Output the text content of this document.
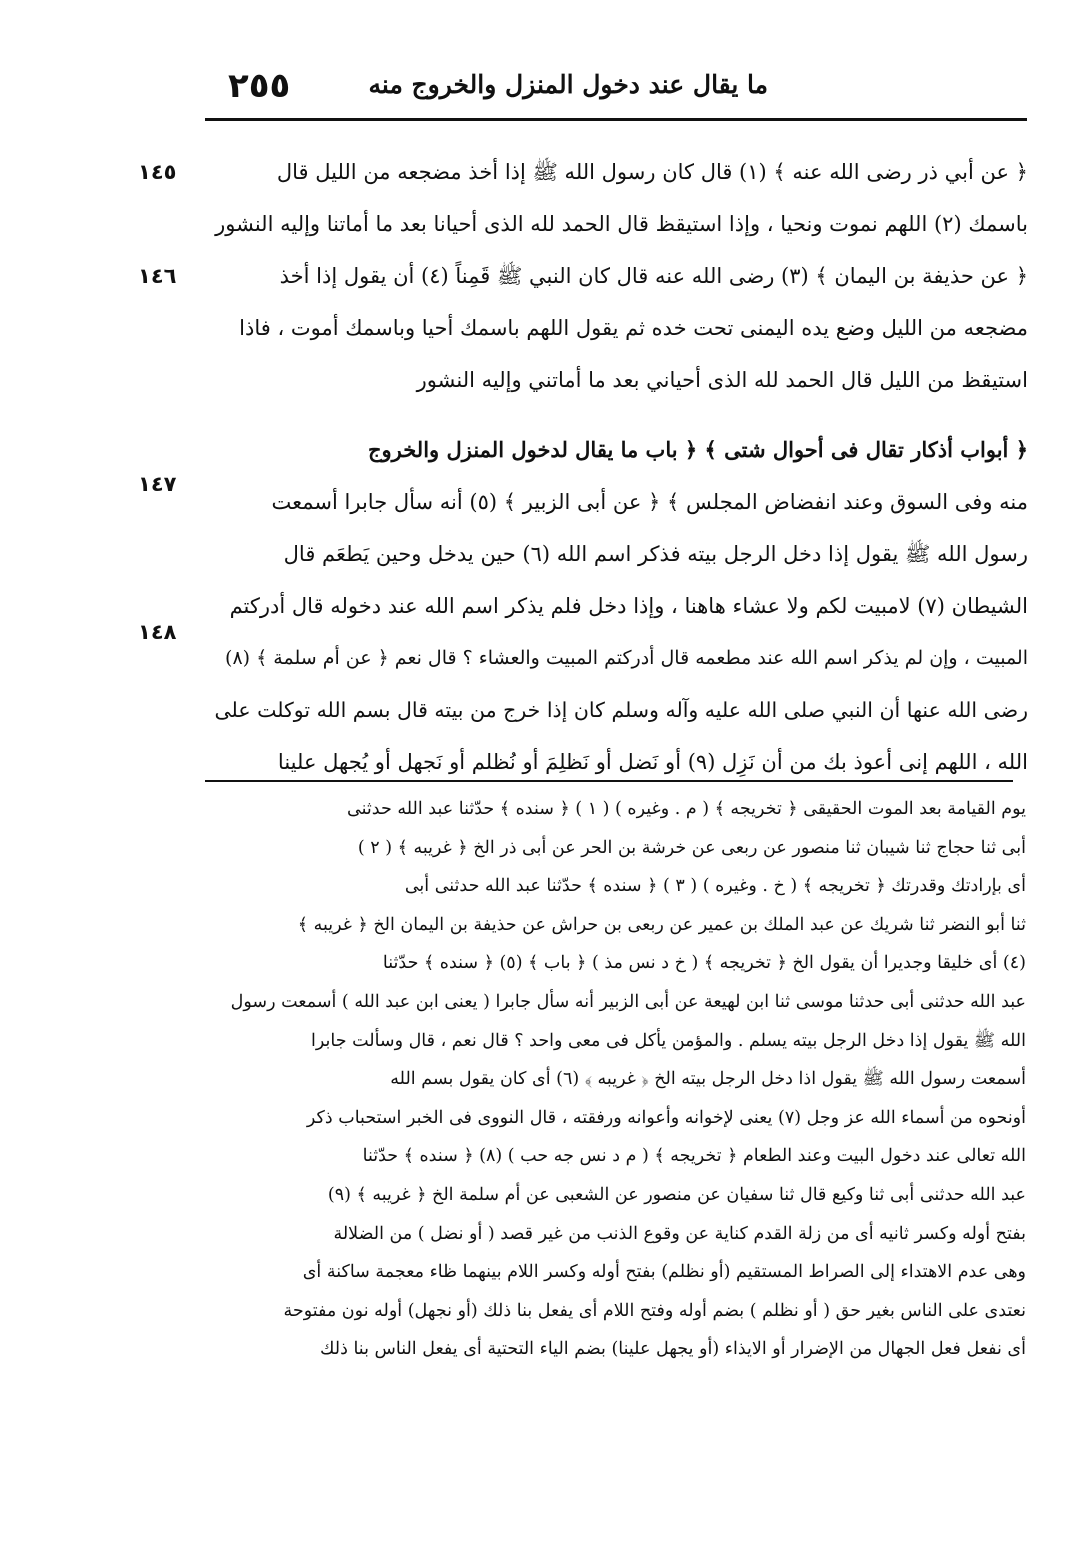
٢٥٥	ما يقال عند دخول المنزل والخروج منه
١٤٥
١٤٦
١٤٧
١٤٨
﴿ عن أبي ذر رضى الله عنه ﴾ (١) قال كان رسول الله ﷺ إذا أخذ مضجعه من الليل قال
باسمك (٢) اللهم نموت ونحيا ، وإذا استيقظ قال الحمد لله الذى أحيانا بعد ما أماتنا وإليه النشور
﴿ عن حذيفة بن اليمان ﴾ (٣) رضى الله عنه قال كان النبي ﷺ قَمِناً (٤) أن يقول إذا أخذ
مضجعه من الليل وضع يده اليمنى تحت خده ثم يقول اللهم باسمك أحيا وباسمك أموت ، فاذا
استيقظ من الليل قال الحمد لله الذى أحياني بعد ما أماتني وإليه النشور
﴿ أبواب أذكار تقال فى أحوال شتى ﴾ ﴿ باب ما يقال لدخول المنزل والخروج
منه وفى السوق وعند انفضاض المجلس ﴾ ﴿ عن أبى الزبير ﴾ (٥) أنه سأل جابرا أسمعت
رسول الله ﷺ يقول إذا دخل الرجل بيته فذكر اسم الله (٦) حين يدخل وحين يَطعَم قال
الشيطان (٧) لامبيت لكم ولا عشاء هاهنا ، وإذا دخل فلم يذكر اسم الله عند دخوله قال أدركتم
المبيت ، وإن لم يذكر اسم الله عند مطعمه قال أدركتم المبيت والعشاء ؟ قال نعم ﴿ عن أم سلمة ﴾ (٨)
رضى الله عنها أن النبي صلى الله عليه وآله وسلم كان إذا خرج من بيته قال بسم الله توكلت على
الله ، اللهم إنى أعوذ بك من أن نَزِل (٩) أو نَضل أو نَظلِمَ أو نُظلم أو نَجهل أو يُجهل علينا
يوم القيامة بعد الموت الحقيقى ﴿ تخريجه ﴾ ( م . وغيره ) ( ١ ) ﴿ سنده ﴾ حدّثنا عبد الله حدثنى
أبى ثنا حجاج ثنا شيبان ثنا منصور عن ربعى عن خرشة بن الحر عن أبى ذر الخ ﴿ غريبه ﴾ ( ٢ )
أى بإرادتك وقدرتك ﴿ تخريجه ﴾ ( خ . وغيره ) ( ٣ ) ﴿ سنده ﴾ حدّثنا عبد الله حدثنى أبى
ثنا أبو النضر ثنا شريك عن عبد الملك بن عمير عن ربعى بن حراش عن حذيفة بن اليمان الخ ﴿ غريبه ﴾
(٤) أى خليقا وجديرا أن يقول الخ ﴿ تخريجه ﴾ ( خ د نس مذ ) ﴿ باب ﴾ (٥) ﴿ سنده ﴾ حدّثنا
عبد الله حدثنى أبى حدثنا موسى ثنا ابن لهيعة عن أبى الزبير أنه سأل جابرا ( يعنى ابن عبد الله ) أسمعت رسول
الله ﷺ يقول إذا دخل الرجل بيته يسلم . والمؤمن يأكل فى معى واحد ؟ قال نعم ، قال وسألت جابرا
أسمعت رسول الله ﷺ يقول اذا دخل الرجل بيته الخ ﴿ غريبه ﴾ (٦) أى كان يقول بسم الله
أونحوه من أسماء الله عز وجل (٧) يعنى لإخوانه وأعوانه ورفقته ، قال النووى فى الخبر استحباب ذكر
الله تعالى عند دخول البيت وعند الطعام ﴿ تخريجه ﴾ ( م د نس جه حب ) (٨) ﴿ سنده ﴾ حدّثنا
عبد الله حدثنى أبى ثنا وكيع قال ثنا سفيان عن منصور عن الشعبى عن أم سلمة الخ ﴿ غريبه ﴾ (٩)
بفتح أوله وكسر ثانيه أى من زلة القدم كناية عن وقوع الذنب من غير قصد ( أو نضل ) من الضلالة
وهى عدم الاهتداء إلى الصراط المستقيم (أو نظلم) بفتح أوله وكسر اللام بينهما ظاء معجمة ساكنة أى
نعتدى على الناس بغير حق ( أو نظلم ) بضم أوله وفتح اللام أى يفعل بنا ذلك (أو نجهل) أوله نون مفتوحة
أى نفعل فعل الجهال من الإضرار أو الايذاء (أو يجهل علينا) بضم الياء التحتية أى يفعل الناس بنا ذلك
